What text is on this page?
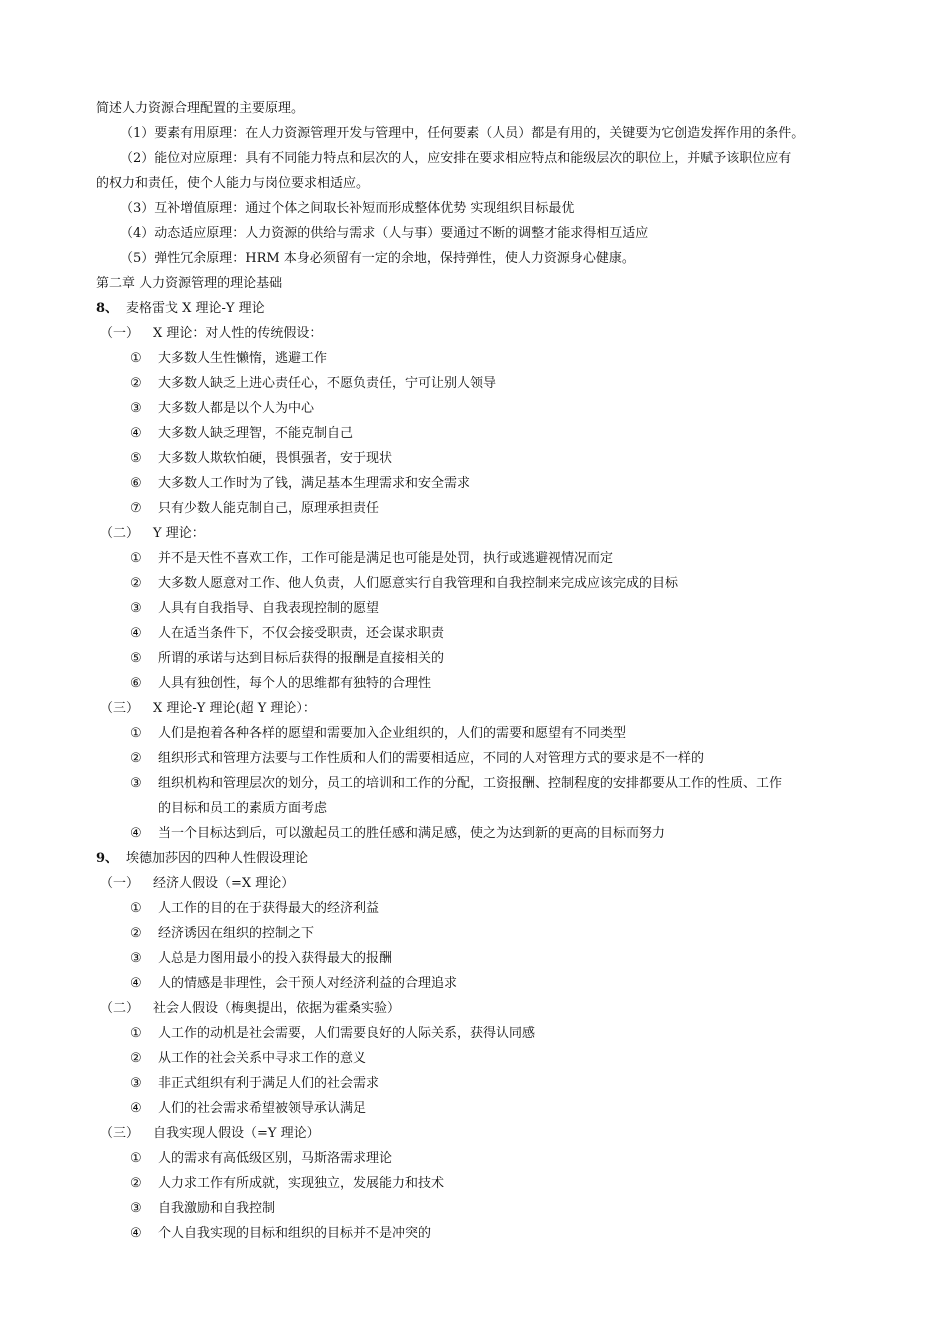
简述人力资源合理配置的主要原理。
（1）要素有用原理：在人力资源管理开发与管理中，任何要素（人员）都是有用的，关键要为它创造发挥作用的条件。
（2）能位对应原理：具有不同能力特点和层次的人，应安排在要求相应特点和能级层次的职位上，并赋予该职位应有
的权力和责任，使个人能力与岗位要求相适应。
（3）互补增值原理：通过个体之间取长补短而形成整体优势 实现组织目标最优
（4）动态适应原理：人力资源的供给与需求（人与事）要通过不断的调整才能求得相互适应
（5）弹性冗余原理：HRM 本身必须留有一定的余地，保持弹性，使人力资源身心健康。
第二章 人力资源管理的理论基础
8、 麦格雷戈 X 理论-Y 理论
（一） X 理论：对人性的传统假设：
① 大多数人生性懒惰，逃避工作
② 大多数人缺乏上进心责任心，不愿负责任，宁可让别人领导
③ 大多数人都是以个人为中心
④ 大多数人缺乏理智，不能克制自己
⑤ 大多数人欺软怕硬，畏惧强者，安于现状
⑥ 大多数人工作时为了钱，满足基本生理需求和安全需求
⑦ 只有少数人能克制自己，原理承担责任
（二） Y 理论：
① 并不是天性不喜欢工作，工作可能是满足也可能是处罚，执行或逃避视情况而定
② 大多数人愿意对工作、他人负责，人们愿意实行自我管理和自我控制来完成应该完成的目标
③ 人具有自我指导、自我表现控制的愿望
④ 人在适当条件下，不仅会接受职责，还会谋求职责
⑤ 所谓的承诺与达到目标后获得的报酬是直接相关的
⑥ 人具有独创性，每个人的思维都有独特的合理性
（三） X 理论-Y 理论(超 Y 理论）：
① 人们是抱着各种各样的愿望和需要加入企业组织的，人们的需要和愿望有不同类型
② 组织形式和管理方法要与工作性质和人们的需要相适应，不同的人对管理方式的要求是不一样的
③ 组织机构和管理层次的划分，员工的培训和工作的分配，工资报酬、控制程度的安排都要从工作的性质、工作
的目标和员工的素质方面考虑
④ 当一个目标达到后，可以激起员工的胜任感和满足感，使之为达到新的更高的目标而努力
9、 埃德加莎因的四种人性假设理论
（一） 经济人假设（=X 理论）
① 人工作的目的在于获得最大的经济利益
② 经济诱因在组织的控制之下
③ 人总是力图用最小的投入获得最大的报酬
④ 人的情感是非理性，会干预人对经济利益的合理追求
（二） 社会人假设（梅奥提出，依据为霍桑实验）
① 人工作的动机是社会需要，人们需要良好的人际关系，获得认同感
② 从工作的社会关系中寻求工作的意义
③ 非正式组织有利于满足人们的社会需求
④ 人们的社会需求希望被领导承认满足
（三） 自我实现人假设（=Y 理论）
① 人的需求有高低级区别，马斯洛需求理论
② 人力求工作有所成就，实现独立，发展能力和技术
③ 自我激励和自我控制
④ 个人自我实现的目标和组织的目标并不是冲突的
